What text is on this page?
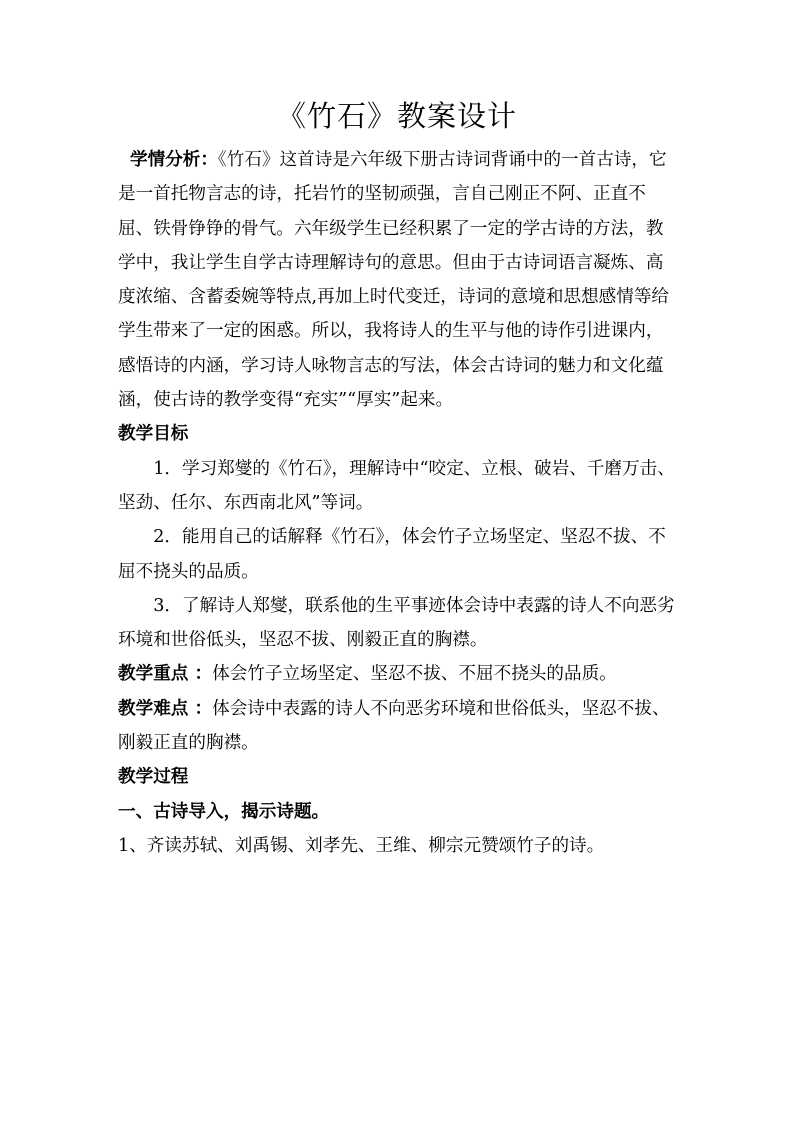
《竹石》教案设计

学情分析：《竹石》这首诗是六年级下册古诗词背诵中的一首古诗，它是一首托物言志的诗，托岩竹的坚韧顽强，言自己刚正不阿、正直不屈、铁骨铮铮的骨气。六年级学生已经积累了一定的学古诗的方法，教学中，我让学生自学古诗理解诗句的意思。但由于古诗词语言凝炼、高度浓缩、含蓄委婉等特点,再加上时代变迁，诗词的意境和思想感情等给学生带来了一定的困惑。所以，我将诗人的生平与他的诗作引进课内，感悟诗的内涵，学习诗人咏物言志的写法，体会古诗词的魅力和文化蕴涵，使古诗的教学变得“充实”“厚实”起来。

教学目标

1．学习郑燮的《竹石》，理解诗中“咬定、立根、破岩、千磨万击、坚劲、任尔、东西南北风”等词。

2．能用自己的话解释《竹石》，体会竹子立场坚定、坚忍不拔、不屈不挠头的品质。

3．了解诗人郑燮，联系他的生平事迹体会诗中表露的诗人不向恶劣环境和世俗低头，坚忍不拔、刚毅正直的胸襟。

教学重点 ：体会竹子立场坚定、坚忍不拔、不屈不挠头的品质。

教学难点 ：体会诗中表露的诗人不向恶劣环境和世俗低头，坚忍不拔、刚毅正直的胸襟。

教学过程

一、古诗导入，揭示诗题。

1、齐读苏轼、刘禹锡、刘孝先、王维、柳宗元赞颂竹子的诗。
